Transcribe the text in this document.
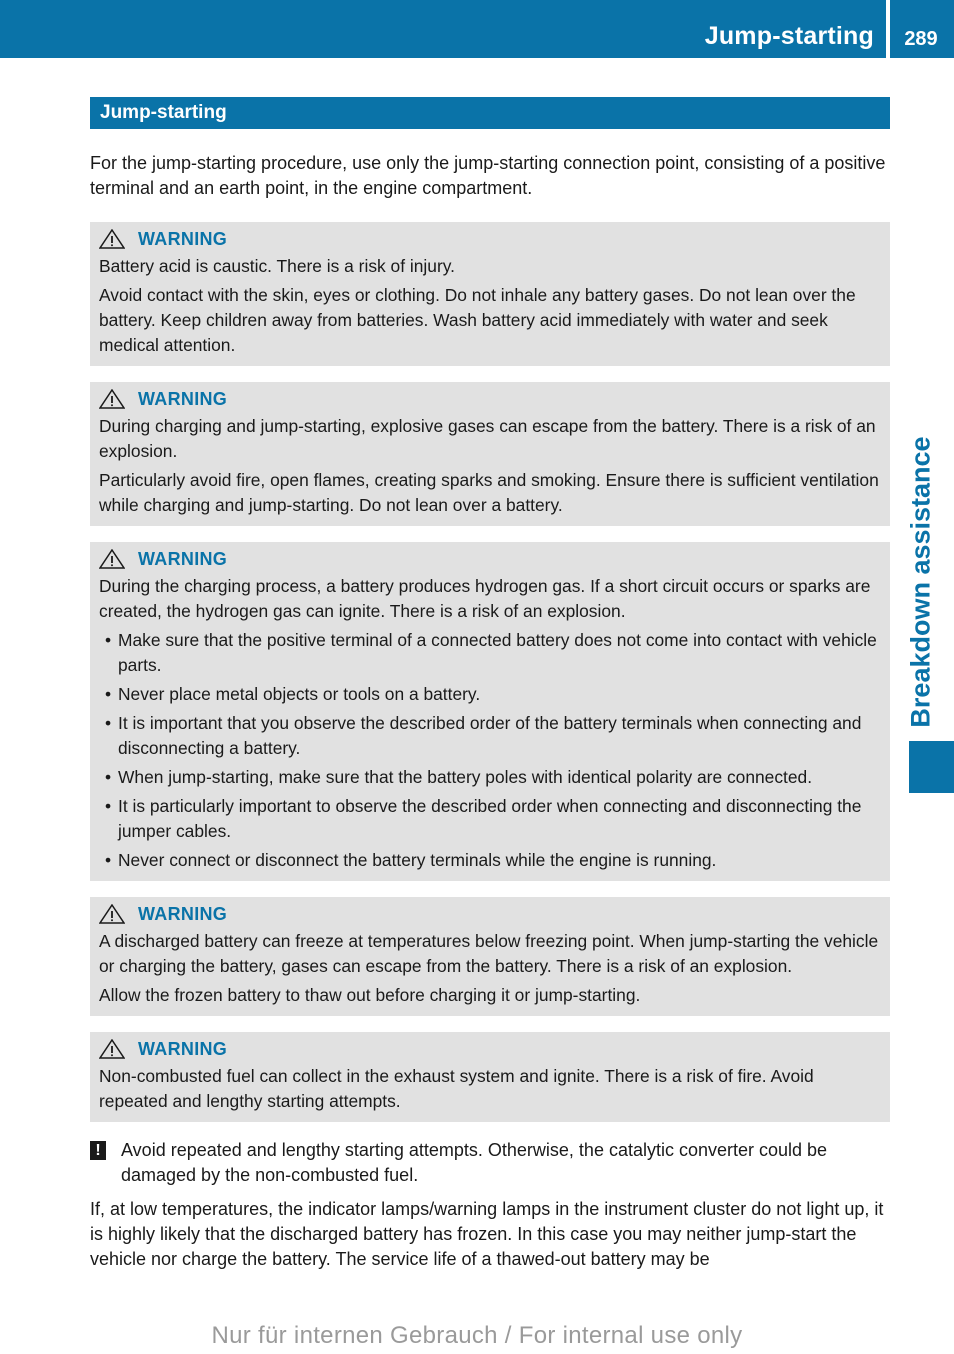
Jump-starting	289
Breakdown assistance
Jump-starting

For the jump-starting procedure, use only the jump-starting connection point, consisting of a positive terminal and an earth point, in the engine compartment.

WARNING

Battery acid is caustic. There is a risk of injury.

Avoid contact with the skin, eyes or clothing. Do not inhale any battery gases. Do not lean over the battery. Keep children away from batteries. Wash battery acid immediately with water and seek medical attention.

WARNING

During charging and jump-starting, explosive gases can escape from the battery. There is a risk of an explosion.

Particularly avoid fire, open flames, creating sparks and smoking. Ensure there is sufficient ventilation while charging and jump-starting. Do not lean over a battery.

WARNING

During the charging process, a battery produces hydrogen gas. If a short circuit occurs or sparks are created, the hydrogen gas can ignite. There is a risk of an explosion.

• Make sure that the positive terminal of a connected battery does not come into contact with vehicle parts.
• Never place metal objects or tools on a battery.
• It is important that you observe the described order of the battery terminals when connecting and disconnecting a battery.
• When jump-starting, make sure that the battery poles with identical polarity are connected.
• It is particularly important to observe the described order when connecting and disconnecting the jumper cables.
• Never connect or disconnect the battery terminals while the engine is running.
WARNING

A discharged battery can freeze at temperatures below freezing point. When jump-starting the vehicle or charging the battery, gases can escape from the battery. There is a risk of an explosion.

Allow the frozen battery to thaw out before charging it or jump-starting.

WARNING

Non-combusted fuel can collect in the exhaust system and ignite. There is a risk of fire. Avoid repeated and lengthy starting attempts.

!	Avoid repeated and lengthy starting attempts. Otherwise, the catalytic converter could be damaged by the non-combusted fuel.

If, at low temperatures, the indicator lamps/warning lamps in the instrument cluster do not light up, it is highly likely that the discharged battery has frozen. In this case you may neither jump-start the vehicle nor charge the battery. The service life of a thawed-out battery may be

Nur für internen Gebrauch / For internal use only
